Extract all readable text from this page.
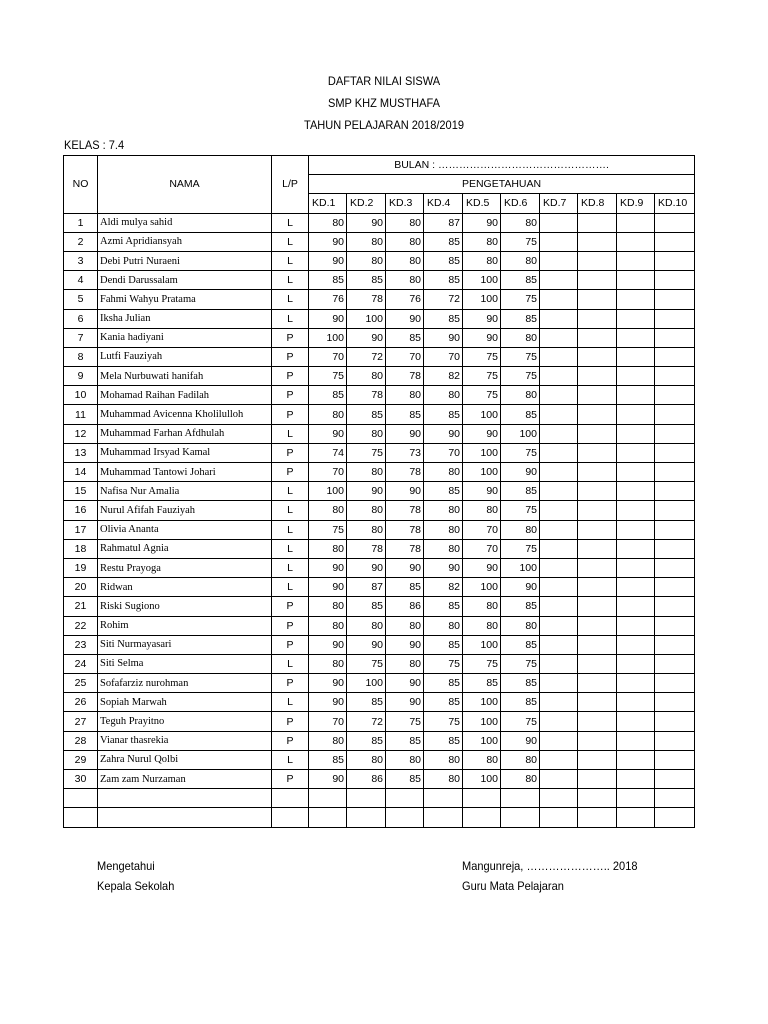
DAFTAR NILAI SISWA
SMP KHZ MUSTHAFA
TAHUN PELAJARAN 2018/2019
KELAS : 7.4
NO	NAMA	L/P	BULAN : ………………………………………….									
			PENGETAHUAN									
			KD.1	KD.2	KD.3	KD.4	KD.5	KD.6	KD.7	KD.8	KD.9	KD.10
1	Aldi mulya sahid	L	80	90	80	87	90	80				
2	Azmi Apridiansyah	L	90	80	80	85	80	75				
3	Debi Putri Nuraeni	L	90	80	80	85	80	80				
4	Dendi Darussalam	L	85	85	80	85	100	85				
5	Fahmi Wahyu Pratama	L	76	78	76	72	100	75				
6	Iksha Julian	L	90	100	90	85	90	85				
7	Kania hadiyani	P	100	90	85	90	90	80				
8	Lutfi Fauziyah	P	70	72	70	70	75	75				
9	Mela Nurbuwati hanifah	P	75	80	78	82	75	75				
10	Mohamad Raihan Fadilah	P	85	78	80	80	75	80				
11	Muhammad Avicenna Kholilulloh	P	80	85	85	85	100	85				
12	Muhammad Farhan Afdhulah	L	90	80	90	90	90	100				
13	Muhammad Irsyad Kamal	P	74	75	73	70	100	75				
14	Muhammad Tantowi Johari	P	70	80	78	80	100	90				
15	Nafisa Nur Amalia	L	100	90	90	85	90	85				
16	Nurul Afifah Fauziyah	L	80	80	78	80	80	75				
17	Olivia Ananta	L	75	80	78	80	70	80				
18	Rahmatul Agnia	L	80	78	78	80	70	75				
19	Restu Prayoga	L	90	90	90	90	90	100				
20	Ridwan	L	90	87	85	82	100	90				
21	Riski Sugiono	P	80	85	86	85	80	85				
22	Rohim	P	80	80	80	80	80	80				
23	Siti Nurmayasari	P	90	90	90	85	100	85				
24	Siti Selma	L	80	75	80	75	75	75				
25	Sofafarziz nurohman	P	90	100	90	85	85	85				
26	Sopiah Marwah	L	90	85	90	85	100	85				
27	Teguh Prayitno	P	70	72	75	75	100	75				
28	Vianar thasrekia	P	80	85	85	85	100	90				
29	Zahra Nurul Qolbi	L	85	80	80	80	80	80				
30	Zam zam Nurzaman	P	90	86	85	80	100	80				

Mengetahui
Kepala Sekolah
Mangunreja, ………………….. 2018
Guru Mata Pelajaran
